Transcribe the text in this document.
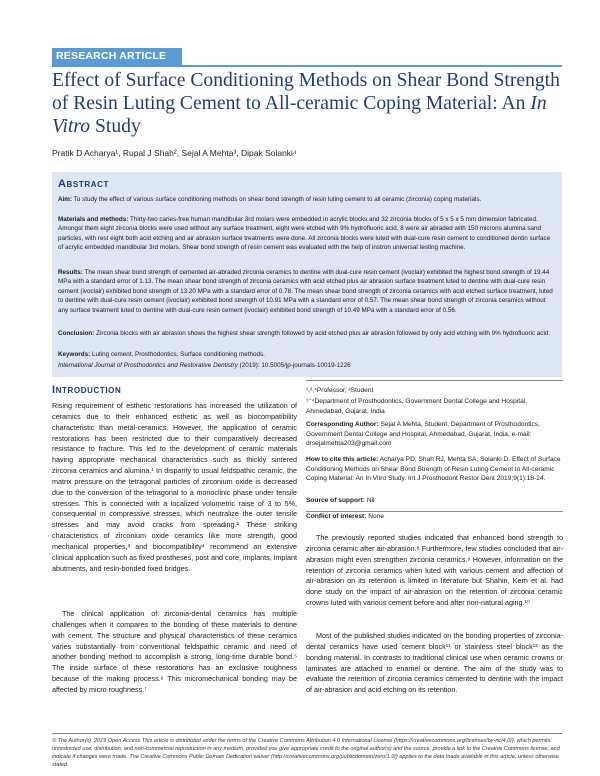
RESEARCH ARTICLE
Effect of Surface Conditioning Methods on Shear Bond Strength of Resin Luting Cement to All-ceramic Coping Material: An In Vitro Study
Pratik D Acharya¹, Rupal J Shah², Sejal A Mehta³, Dipak Solanki⁴
Abstract

Aim: To study the effect of various surface conditioning methods on shear bond strength of resin luting cement to all ceramic (zirconia) coping materials.

Materials and methods: Thirty-two caries-free human mandibular 3rd molars were embedded in acrylic blocks and 32 zirconia blocks of 5 x 5 x 5 mm dimension fabricated. Amongst them eight zirconia blocks were used without any surface treatment, eight were etched with 9% hydrofluoric acid, 8 were air abraded with 150 microns alumina sand particles, with rest eight both acid etching and air abrasion surface treatments were done. All zirconia blocks were luted with dual-cure resin cement to conditioned dentin surface of acrylic embedded mandibular 3rd molars. Shear bond strength of resin cement was evaluated with the help of instron universal testing machine.

Results: The mean shear bond strength of cemented air-abraded zirconia ceramics to dentine with dual-cure resin cement (ivoclair) exhibited the highest bond strength of 19.44 MPa with a standard error of 1.13. The mean shear bond strength of zirconia ceramics with acid etched plus air abrasion surface treatment luted to dentine with dual-cure resin cement (ivoclair) exhibited bond strength of 13.20 MPa with a standard error of 0.78. The mean shear bond strength of zirconia ceramics with acid etched surface treatment, luted to dentine with dual-cure resin cement (ivoclair) exhibited bond strength of 10.91 MPa with a standard error of 0.57. The mean shear bond strength of zirconia ceramics without any surface treatment luted to dentine with dual-cure resin cement (ivoclair) exhibited bond strength of 10.49 MPa with a standard error of 0.56.

Conclusion: Zirconia blocks with air abrasion shows the highest shear strength followed by acid etched plus air abrasion followed by only acid etching with 9% hydrofluoric acid.

Keywords: Luting cement, Prosthodontics, Surface conditioning methods.

International Journal of Prosthodontics and Restorative Dentistry (2019): 10.5005/jp-journals-10019-1226

Introduction

Rising requirement of esthetic restorations has increased the utilization of ceramics due to their enhanced esthetic as well as biocompatibility characteristic than metal-ceramics. However, the application of ceramic restorations has been restricted due to their comparatively decreased resistance to fracture. This led to the development of ceramic materials having appropriate mechanical characteristics such as thickly sintered zirconia ceramics and alumina.¹ In disparity to usual feldspathic ceramic, the matrix pressure on the tetragonal particles of zirconium oxide is decreased due to the conversion of the tetragonal to a monoclinic phase under tensile stresses. This is connected with a localized volumetric raise of 3 to 5%, consequential in compressive stresses, which neutralize the outer tensile stresses and may avoid cracks from spreading.² These striking characteristics of zirconium oxide ceramics like more strength, good mechanical properties,³ and biocompatibility⁴ recommend an extensive clinical application such as fixed prostheses, post and core, implants, implant abutments, and resin-bonded fixed bridges.

The clinical application of zirconia-dental ceramics has multiple challenges when it compares to the bonding of these materials to dentine with cement. The structure and physical characteristics of these ceramics varies substantially from conventional feldspathic ceramic and need of another bonding method to accomplish a strong, long-time durable bond.⁵ The inside surface of these restorations has an exclusive roughness because of the making process.⁶ This micromechanical bonding may be affected by micro roughness.⁷

¹,²,⁴Professor, ³Student

¹⁻⁴Department of Prosthodontics, Government Dental College and Hospital, Ahmedabad, Gujarat, India

Corresponding Author: Sejal A Mehta, Student, Department of Prosthodontics, Government Dental College and Hospital, Ahmedabad, Gujarat, India, e-mail: drsejalmehta203@gmail.com

How to cite this article: Acharya PD, Shah RJ, Mehta SA, Solanki D. Effect of Surface Conditioning Methods on Shear Bond Strength of Resin Luting Cement to All-ceramic Coping Material: An In Vitro Study. Int J Prosthodont Restor Dent 2019;9(1):18-24.

Source of support: Nil

Conflict of interest: None

The previously reported studies indicated that enhanced bond strength to zirconia ceramic after air-abrasion.⁸ Furthermore, few studies concluded that air-abrasion might even strengthen zirconia ceramics.⁹ However, information on the retention of zirconia ceramics when luted with various cement and affection of air-abrasion on its retention is limited in literature but Shahin, Kern et al. had done study on the impact of air-abrasion on the retention of zirconia ceramic crowns luted with various cement before and after non-natural aging.¹⁰

Most of the published studies indicated on the bonding properties of zirconia-dental ceramics have used cement block¹¹ or stainless steel block¹² as the bonding material. In contrasts to traditional clinical use when ceramic crowns or laminates are attached to enamel or dentine. The aim of the study was to evaluate the retention of zirconia ceramics cemented to dentine with the impact of air-abrasion and acid etching on its retention.

© The Author(s). 2019 Open Access This article is distributed under the terms of the Creative Commons Attribution 4.0 International License (https://creativecommons.org/licenses/by-nc/4.0/), which permits unrestricted use, distribution, and non-commercial reproduction in any medium, provided you give appropriate credit to the original author(s) and the source, provide a link to the Creative Commons license, and indicate if changes were made. The Creative Commons Public Domain Dedication waiver (http://creativecommons.org/publicdomain/zero/1.0/) applies to the data made available in this article, unless otherwise stated.
